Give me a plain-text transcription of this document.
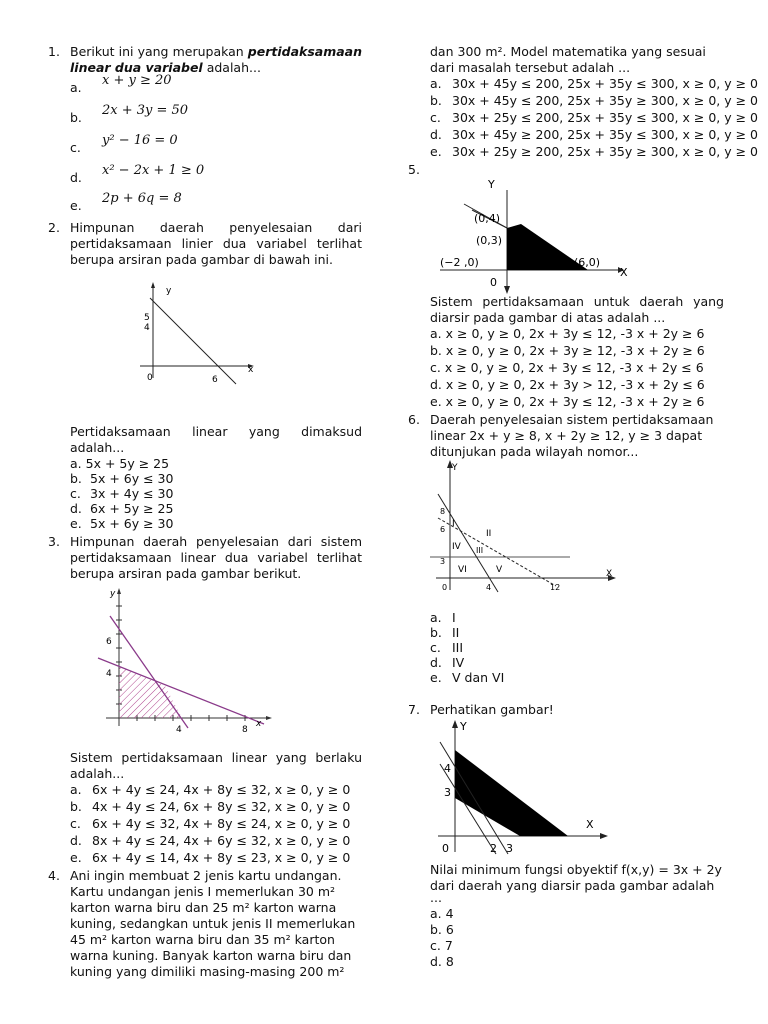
1. Berikut ini yang merupakan pertidaksamaan linear dua variabel adalah...
a. x + y ≥ 20
b. 2x + 3y = 50
c. y² − 16 = 0
d. x² − 2x + 1 ≥ 0
e. 2p + 6q = 8
2. Himpunan daerah penyelesaian dari pertidaksamaan linier dua variabel terlihat berupa arsiran pada gambar di bawah ini.
y
x
5
4
0	6
Pertidaksamaan linear yang dimaksud adalah...
a. 5x + 5y ≥ 25
b. 5x + 6y ≤ 30
c. 3x + 4y ≤ 30
d. 6x + 5y ≥ 25
e. 5x + 6y ≥ 30
3. Himpunan daerah penyelesaian dari sistem pertidaksamaan linear dua variabel terlihat berupa arsiran pada gambar berikut.
y
x
6
4
4	8
Sistem pertidaksamaan linear yang berlaku adalah...
a. 6x + 4y ≤ 24, 4x + 8y ≤ 32, x ≥ 0, y ≥ 0
b. 4x + 4y ≤ 24, 6x + 8y ≤ 32, x ≥ 0, y ≥ 0
c. 6x + 4y ≤ 32, 4x + 8y ≤ 24, x ≥ 0, y ≥ 0
d. 8x + 4y ≤ 24, 4x + 6y ≤ 32, x ≥ 0, y ≥ 0
e. 6x + 4y ≤ 14, 4x + 8y ≤ 23, x ≥ 0, y ≥ 0
4. Ani ingin membuat 2 jenis kartu undangan.
Kartu undangan jenis I memerlukan 30 m²
karton warna biru dan 25 m² karton warna
kuning, sedangkan untuk jenis II memerlukan
45 m² karton warna biru dan 35 m² karton
warna kuning. Banyak karton warna biru dan
kuning yang dimiliki masing-masing 200 m²
dan 300 m². Model matematika yang sesuai
dari masalah tersebut adalah ...
a. 30x + 45y ≤ 200, 25x + 35y ≤ 300, x ≥ 0, y ≥ 0
b. 30x + 45y ≤ 200, 25x + 35y ≥ 300, x ≥ 0, y ≥ 0
c. 30x + 25y ≤ 200, 25x + 35y ≤ 300, x ≥ 0, y ≥ 0
d. 30x + 45y ≥ 200, 25x + 35y ≤ 300, x ≥ 0, y ≥ 0
e. 30x + 25y ≥ 200, 25x + 35y ≥ 300, x ≥ 0, y ≥ 0
5.
Y
X
(0,4)
(0,3)
(−2 ,0)	(6,0)
0
Sistem pertidaksamaan untuk daerah yang diarsir pada gambar di atas adalah ...
a. x ≥ 0, y ≥ 0, 2x + 3y ≤ 12, -3 x + 2y ≥ 6
b. x ≥ 0, y ≥ 0, 2x + 3y ≥ 12, -3 x + 2y ≥ 6
c. x ≥ 0, y ≥ 0, 2x + 3y ≤ 12, -3 x + 2y ≤ 6
d. x ≥ 0, y ≥ 0, 2x + 3y > 12, -3 x + 2y ≤ 6
e. x ≥ 0, y ≥ 0, 2x + 3y ≤ 12, -3 x + 2y ≥ 6
6. Daerah penyelesaian sistem pertidaksamaan
linear 2x + y ≥ 8, x + 2y ≥ 12, y ≥ 3 dapat
ditunjukan pada wilayah nomor...
Y
X
8
6
3
0	4	12
I
II
III
IV
V
VI
a. I
b. II
c. III
d. IV
e. V dan VI
7. Perhatikan gambar!
Y
X
4
3
0	2 3
Nilai minimum fungsi obyektif f(x,y) = 3x + 2y
dari daerah yang diarsir pada gambar adalah
...
a. 4
b. 6
c. 7
d. 8
